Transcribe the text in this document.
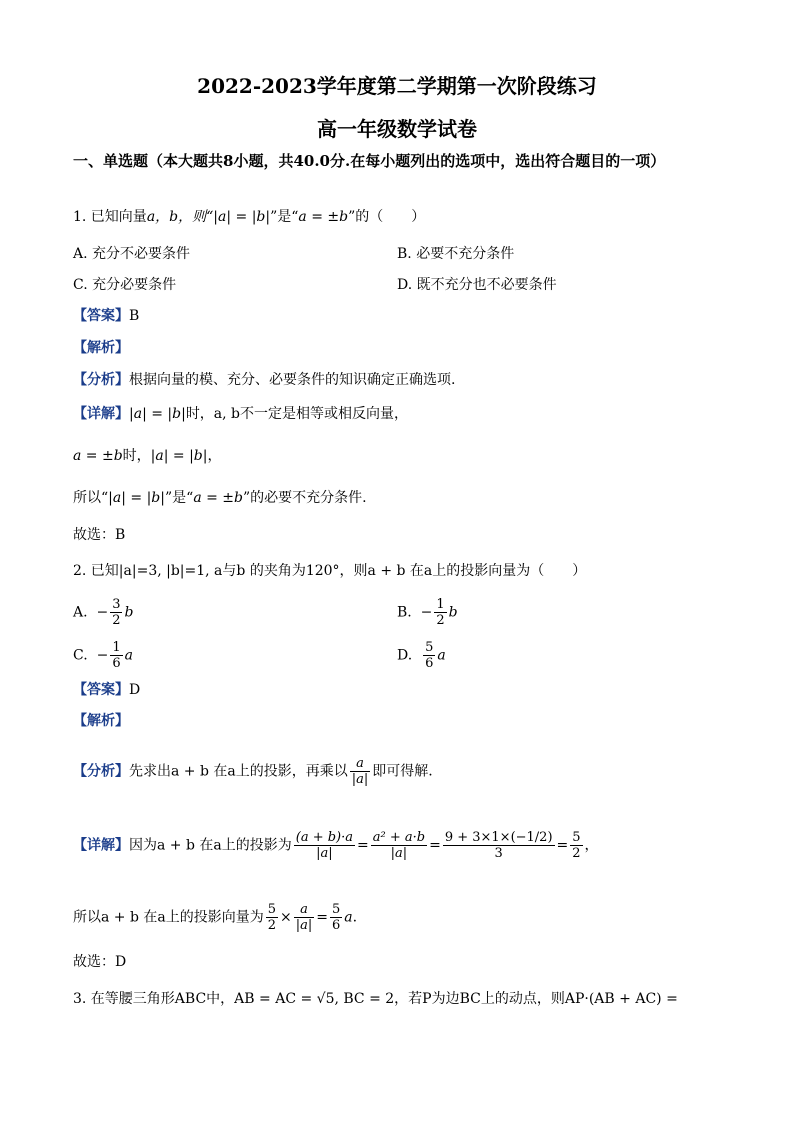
2022-2023学年度第二学期第一次阶段练习
高一年级数学试卷
一、单选题（本大题共8小题，共40.0分.在每小题列出的选项中，选出符合题目的一项）
1. 已知向量a，b，则“|a| = |b|”是“a = ±b”的（　　）
A. 充分不必要条件	B. 必要不充分条件
C. 充分必要条件	D. 既不充分也不必要条件
【答案】B
【解析】
【分析】根据向量的模、充分、必要条件的知识确定正确选项.
【详解】|a| = |b|时，a, b不一定是相等或相反向量，
a = ±b时，|a| = |b|，
所以“|a| = |b|”是“a = ±b”的必要不充分条件.
故选：B
2. 已知|a|=3, |b|=1, a与b 的夹角为120°，则a + b 在a上的投影向量为（　　）
A. − $\frac{3}{2}$ b	B. − $\frac{1}{2}$ b
C. − $\frac{1}{6}$ a	D. $\frac{5}{6}$ a
【答案】D
【解析】
【分析】先求出a + b 在a上的投影，再乘以 $\frac{a}{|a|}$ 即可得解.
【详解】因为a + b 在a上的投影为 $\frac{(a + b)\cdot a}{|a|} = \frac{\text{a² + a·b}}{|a|} = \frac{9 + 3\times 1\times(-1/2)}{3} = \frac{5}{2}$ ，
所以a + b 在a上的投影向量为 $\frac{5}{2} \times \frac{a}{|a|} = \frac{5}{6} a$.
故选：D
3. 在等腰三角形ABC中，AB = AC = √5, BC = 2，若P为边BC上的动点，则AP·(AB + AC) =
